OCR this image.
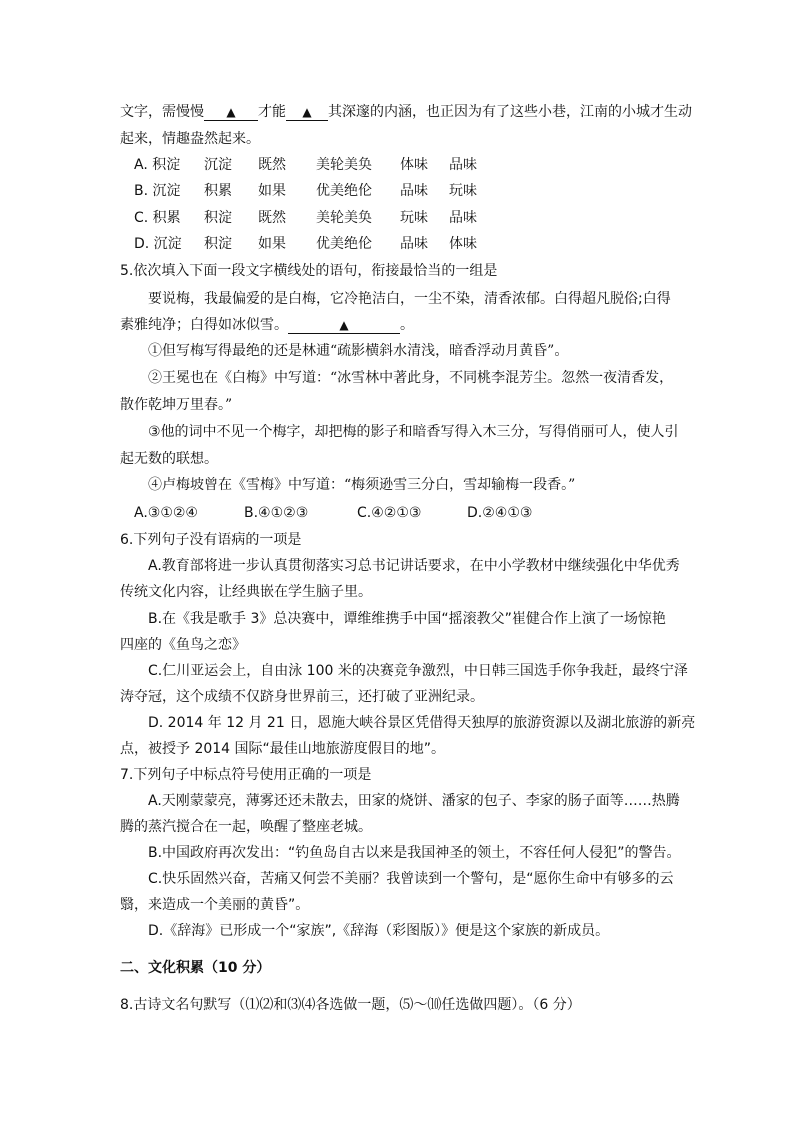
文字，需慢慢 ▲ 才能 ▲ 其深邃的内涵，也正因为有了这些小巷，江南的小城才生动
起来，情趣盎然起来。
A. 积淀 沉淀 既然 美轮美奂 体味 品味
B. 沉淀 积累 如果 优美绝伦 品味 玩味
C. 积累 积淀 既然 美轮美奂 玩味 品味
D. 沉淀 积淀 如果 优美绝伦 品味 体味
5.依次填入下面一段文字横线处的语句，衔接最恰当的一组是
要说梅，我最偏爱的是白梅，它冷艳洁白，一尘不染，清香浓郁。白得超凡脱俗;白得
素雅纯净；白得如冰似雪。	▲	。
①但写梅写得最绝的还是林逋“疏影横斜水清浅，暗香浮动月黄昏”。
②王冕也在《白梅》中写道：“冰雪林中著此身，不同桃李混芳尘。忽然一夜清香发，
散作乾坤万里春。”
③他的词中不见一个梅字，却把梅的影子和暗香写得入木三分，写得俏丽可人，使人引
起无数的联想。
④卢梅坡曾在《雪梅》中写道：“梅须逊雪三分白，雪却输梅一段香。”
A.③①②④	B.④①②③	C.④②①③	D.②④①③
6.下列句子没有语病的一项是
A.教育部将进一步认真贯彻落实习总书记讲话要求，在中小学教材中继续强化中华优秀
传统文化内容，让经典嵌在学生脑子里。
B.在《我是歌手 3》总决赛中，谭维维携手中国“摇滚教父”崔健合作上演了一场惊艳
四座的《鱼鸟之恋》
C.仁川亚运会上，自由泳 100 米的决赛竞争激烈，中日韩三国选手你争我赶，最终宁泽
涛夺冠，这个成绩不仅跻身世界前三，还打破了亚洲纪录。
D. 2014 年 12 月 21 日，恩施大峡谷景区凭借得天独厚的旅游资源以及湖北旅游的新亮
点，被授予 2014 国际“最佳山地旅游度假目的地”。
7.下列句子中标点符号使用正确的一项是
A.天刚蒙蒙亮，薄雾还还未散去，田家的烧饼、潘家的包子、李家的肠子面等……热腾
腾的蒸汽搅合在一起，唤醒了整座老城。
B.中国政府再次发出：“钓鱼岛自古以来是我国神圣的领土，不容任何人侵犯”的警告。
C.快乐固然兴奋，苦痛又何尝不美丽？我曾读到一个警句，是“愿你生命中有够多的云
翳，来造成一个美丽的黄昏”。
D.《辞海》已形成一个“家族”,《辞海（彩图版）》便是这个家族的新成员。
二、文化积累（10 分）
8.古诗文名句默写（⑴⑵和⑶⑷各选做一题，⑸～⑽任选做四题）。（6 分）
